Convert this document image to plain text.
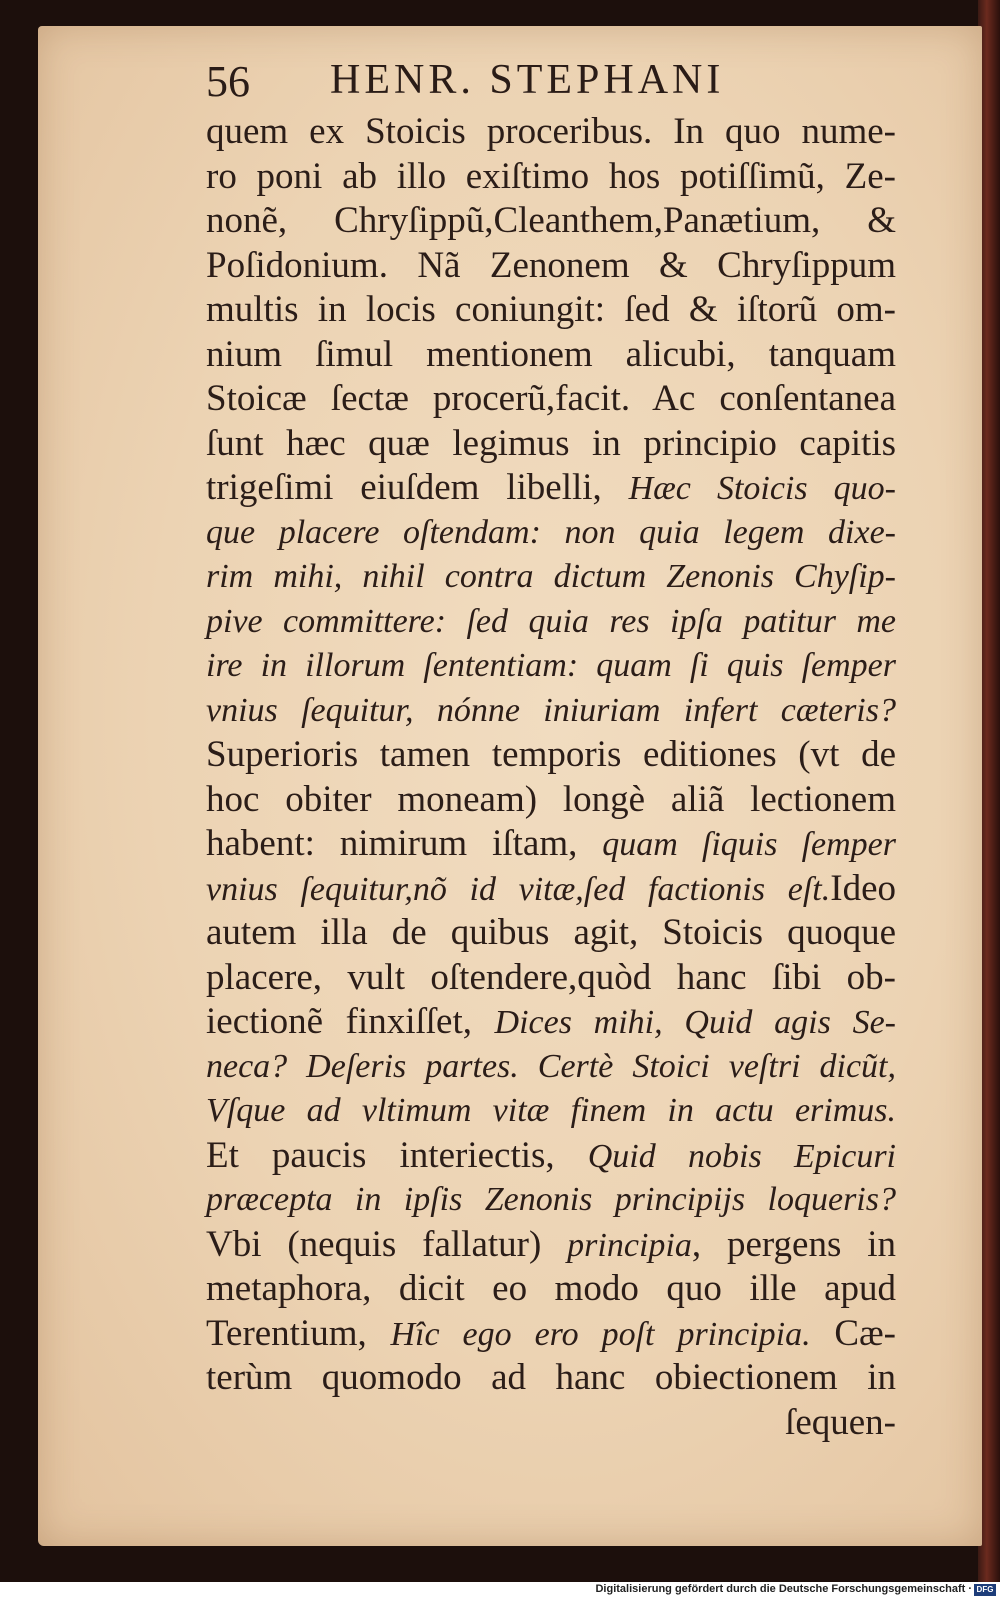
56 HENR. STEPHANI
quem ex Stoicis proceribus. In quo nume-
ro poni ab illo exiſtimo hos potiſſimũ, Ze-
nonẽ, Chryſippũ,Cleanthem,Panætium, &
Poſidonium. Nã Zenonem & Chryſippum
multis in locis coniungit: ſed & iſtorũ om-
nium ſimul mentionem alicubi, tanquam
Stoicæ ſectæ procerũ,facit. Ac conſentanea
ſunt hæc quæ legimus in principio capitis
trigeſimi eiuſdem libelli, Hæc Stoicis quo-
que placere oſtendam: non quia legem dixe-
rim mihi, nihil contra dictum Zenonis Chyſip-
pive committere: ſed quia res ipſa patitur me
ire in illorum ſententiam: quam ſi quis ſemper
vnius ſequitur, nónne iniuriam infert cæteris?
Superioris tamen temporis editiones (vt de
hoc obiter moneam) longè aliã lectionem
habent: nimirum iſtam, quam ſiquis ſemper
vnius ſequitur,nõ id vitæ,ſed factionis eſt.Ideo
autem illa de quibus agit, Stoicis quoque
placere, vult oſtendere,quòd hanc ſibi ob-
iectionẽ finxiſſet, Dices mihi, Quid agis Se-
neca? Deſeris partes. Certè Stoici veſtri dicũt,
Vſque ad vltimum vitæ finem in actu erimus.
Et paucis interiectis, Quid nobis Epicuri
præcepta in ipſis Zenonis principijs loqueris?
Vbi (nequis fallatur) principia, pergens in
metaphora, dicit eo modo quo ille apud
Terentium, Hîc ego ero poſt principia. Cæ-
terùm quomodo ad hanc obiectionem in
ſequen-
Digitalisierung gefördert durch die Deutsche Forschungsgemeinschaft · DFG
